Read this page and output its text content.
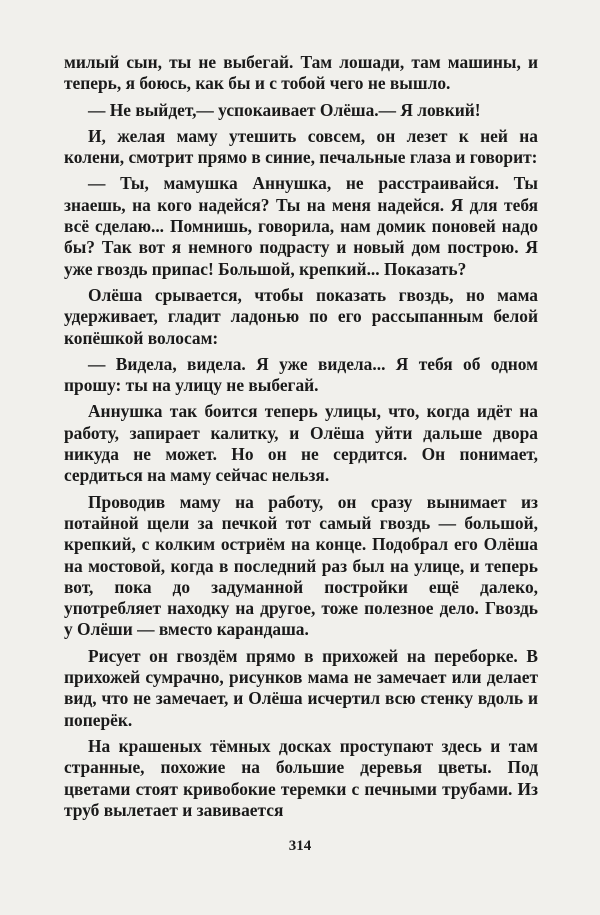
милый сын, ты не выбегай. Там лошади, там машины, и теперь, я боюсь, как бы и с тобой чего не вышло.

— Не выйдет,— успокаивает Олёша.— Я ловкий!

И, желая маму утешить совсем, он лезет к ней на колени, смотрит прямо в синие, печальные глаза и говорит:

— Ты, мамушка Аннушка, не расстраивайся. Ты знаешь, на кого надейся? Ты на меня надейся. Я для тебя всё сделаю... Помнишь, говорила, нам домик поновей надо бы? Так вот я немного подрасту и новый дом построю. Я уже гвоздь припас! Большой, крепкий... Показать?

Олёша срывается, чтобы показать гвоздь, но мама удерживает, гладит ладонью по его рассыпанным белой копёшкой волосам:

— Видела, видела. Я уже видела... Я тебя об одном прошу: ты на улицу не выбегай.

Аннушка так боится теперь улицы, что, когда идёт на работу, запирает калитку, и Олёша уйти дальше двора никуда не может. Но он не сердится. Он понимает, сердиться на маму сейчас нельзя.

Проводив маму на работу, он сразу вынимает из потайной щели за печкой тот самый гвоздь — большой, крепкий, с колким остриём на конце. Подобрал его Олёша на мостовой, когда в последний раз был на улице, и теперь вот, пока до задуманной постройки ещё далеко, употребляет находку на другое, тоже полезное дело. Гвоздь у Олёши — вместо карандаша.

Рисует он гвоздём прямо в прихожей на переборке. В прихожей сумрачно, рисунков мама не замечает или делает вид, что не замечает, и Олёша исчертил всю стенку вдоль и поперёк.

На крашеных тёмных досках проступают здесь и там странные, похожие на большие деревья цветы. Под цветами стоят кривобокие теремки с печными трубами. Из труб вылетает и завивается

314
